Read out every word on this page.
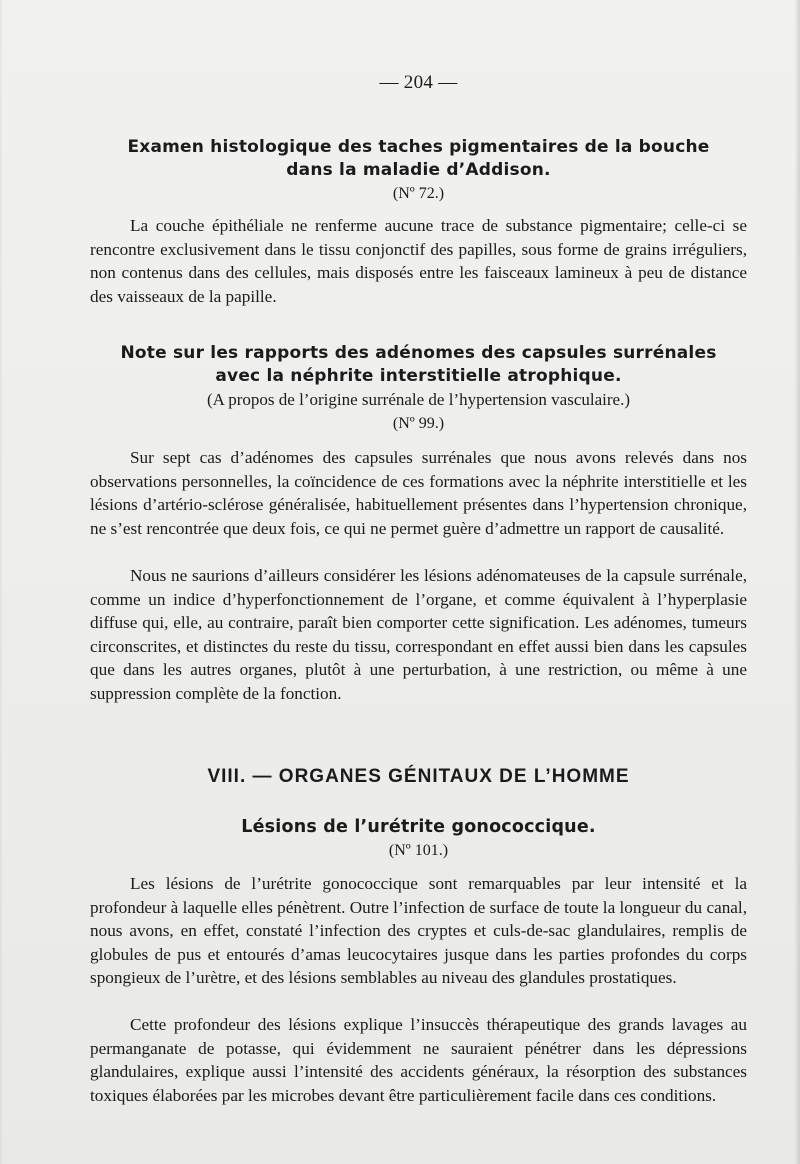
— 204 —
Examen histologique des taches pigmentaires de la bouche
dans la maladie d’Addison.
(Nº 72.)

La couche épithéliale ne renferme aucune trace de substance pigmentaire; celle-ci se rencontre exclusivement dans le tissu conjonctif des papilles, sous forme de grains irréguliers, non contenus dans des cellules, mais disposés entre les faisceaux lamineux à peu de distance des vaisseaux de la papille.

Note sur les rapports des adénomes des capsules surrénales
avec la néphrite interstitielle atrophique.
(A propos de l’origine surrénale de l’hypertension vasculaire.)
(Nº 99.)

Sur sept cas d’adénomes des capsules surrénales que nous avons relevés dans nos observations personnelles, la coïncidence de ces formations avec la néphrite interstitielle et les lésions d’artério-sclérose généralisée, habituellement présentes dans l’hypertension chronique, ne s’est rencontrée que deux fois, ce qui ne permet guère d’admettre un rapport de causalité.

Nous ne saurions d’ailleurs considérer les lésions adénomateuses de la capsule surrénale, comme un indice d’hyperfonctionnement de l’organe, et comme équivalent à l’hyperplasie diffuse qui, elle, au contraire, paraît bien comporter cette signification. Les adénomes, tumeurs circonscrites, et distinctes du reste du tissu, correspondant en effet aussi bien dans les capsules que dans les autres organes, plutôt à une perturbation, à une restriction, ou même à une suppression complète de la fonction.

VIII. — ORGANES GÉNITAUX DE L’HOMME
Lésions de l’urétrite gonococcique.
(Nº 101.)

Les lésions de l’urétrite gonococcique sont remarquables par leur intensité et la profondeur à laquelle elles pénètrent. Outre l’infection de surface de toute la longueur du canal, nous avons, en effet, constaté l’infection des cryptes et culs-de-sac glandulaires, remplis de globules de pus et entourés d’amas leucocytaires jusque dans les parties profondes du corps spongieux de l’urètre, et des lésions semblables au niveau des glandules prostatiques.

Cette profondeur des lésions explique l’insuccès thérapeutique des grands lavages au permanganate de potasse, qui évidemment ne sauraient pénétrer dans les dépressions glandulaires, explique aussi l’intensité des accidents généraux, la résorption des substances toxiques élaborées par les microbes devant être particulièrement facile dans ces conditions.
